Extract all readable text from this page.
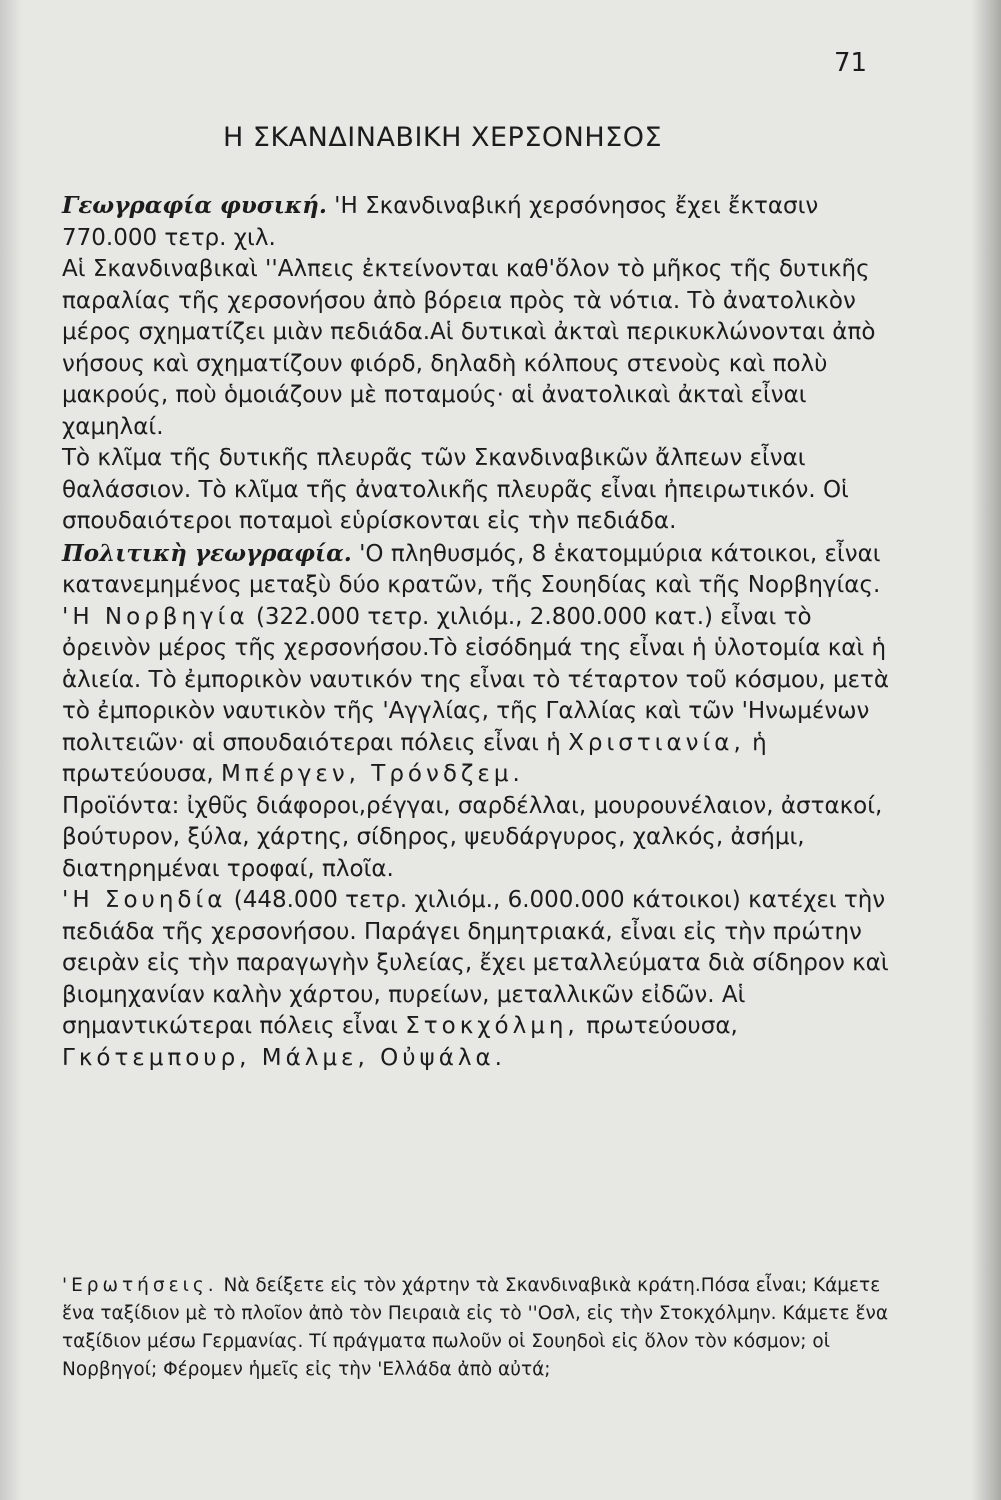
71
Η ΣΚΑΝΔΙΝΑΒΙΚΗ ΧΕΡΣΟΝΗΣΟΣ

Γεωγραφία φυσική. 'Η Σκανδιναβική χερσόνησος ἔχει ἔκτασιν 770.000 τετρ. χιλ.

Αἱ Σκανδιναβικαὶ ''Αλπεις ἐκτείνονται καθ'ὅλον τὸ μῆκος τῆς δυτικῆς παραλίας τῆς χερσονήσου ἀπὸ βόρεια πρὸς τὰ νότια. Τὸ ἀνατολικὸν μέρος σχηματίζει μιὰν πεδιάδα.Αἱ δυτικαὶ ἀκταὶ περικυκλώνονται ἀπὸ νήσους καὶ σχηματίζουν φιόρδ, δηλαδὴ κόλπους στενοὺς καὶ πολὺ μακρούς, ποὺ ὁμοιάζουν μὲ ποταμούς· αἱ ἀνατολικαὶ ἀκταὶ εἶναι χαμηλαί.

Τὸ κλῖμα τῆς δυτικῆς πλευρᾶς τῶν Σκανδιναβικῶν ἄλπεων εἶναι θαλάσσιον. Τὸ κλῖμα τῆς ἀνατολικῆς πλευρᾶς εἶναι ἠπειρωτικόν. Οἱ σπουδαιότεροι ποταμοὶ εὑρίσκονται εἰς τὴν πεδιάδα.

Πολιτικὴ γεωγραφία. 'Ο πληθυσμός, 8 ἑκατομμύρια κάτοικοι, εἶναι κατανεμημένος μεταξὺ δύο κρατῶν, τῆς Σουηδίας καὶ τῆς Νορβηγίας.

'Η Νορβηγία (322.000 τετρ. χιλιόμ., 2.800.000 κατ.) εἶναι τὸ ὀρεινὸν μέρος τῆς χερσονήσου.Τὸ εἰσόδημά της εἶναι ἡ ὑλοτομία καὶ ἡ ἁλιεία. Τὸ ἐμπορικὸν ναυτικόν της εἶναι τὸ τέταρτον τοῦ κόσμου, μετὰ τὸ ἐμπορικὸν ναυτικὸν τῆς 'Αγγλίας, τῆς Γαλλίας καὶ τῶν 'Ηνωμένων πολιτειῶν· αἱ σπουδαιότεραι πόλεις εἶναι ἡ Χριστιανία, ἡ πρωτεύουσα, Μπέργεν, Τρόνδζεμ.

Προϊόντα: ἰχθῦς διάφοροι,ρέγγαι, σαρδέλλαι, μουρουνέλαιον, ἀστακοί, βούτυρον, ξύλα, χάρτης, σίδηρος, ψευδάργυρος, χαλκός, ἀσήμι, διατηρημέναι τροφαί, πλοῖα.

'Η Σουηδία (448.000 τετρ. χιλιόμ., 6.000.000 κάτοικοι) κατέχει τὴν πεδιάδα τῆς χερσονήσου. Παράγει δημητριακά, εἶναι εἰς τὴν πρώτην σειρὰν εἰς τὴν παραγωγὴν ξυλείας, ἔχει μεταλλεύματα διὰ σίδηρον καὶ βιομηχανίαν καλὴν χάρτου, πυρείων, μεταλλικῶν εἰδῶν. Αἱ σημαντικώτεραι πόλεις εἶναι Στοκχόλμη, πρωτεύουσα, Γκότεμπουρ, Μάλμε, Οὐψάλα.

'Ερωτήσεις. Νὰ δείξετε εἰς τὸν χάρτην τὰ Σκανδιναβικὰ κράτη.Πόσα εἶναι; Κάμετε ἕνα ταξίδιον μὲ τὸ πλοῖον ἀπὸ τὸν Πειραιὰ εἰς τὸ ''Οσλ, εἰς τὴν Στοκχόλμην. Κάμετε ἕνα ταξίδιον μέσω Γερμανίας. Τί πράγματα πωλοῦν οἱ Σουηδοὶ εἰς ὅλον τὸν κόσμον; οἱ Νορβηγοί; Φέρομεν ἡμεῖς εἰς τὴν 'Ελλάδα ἀπὸ αὐτά;
